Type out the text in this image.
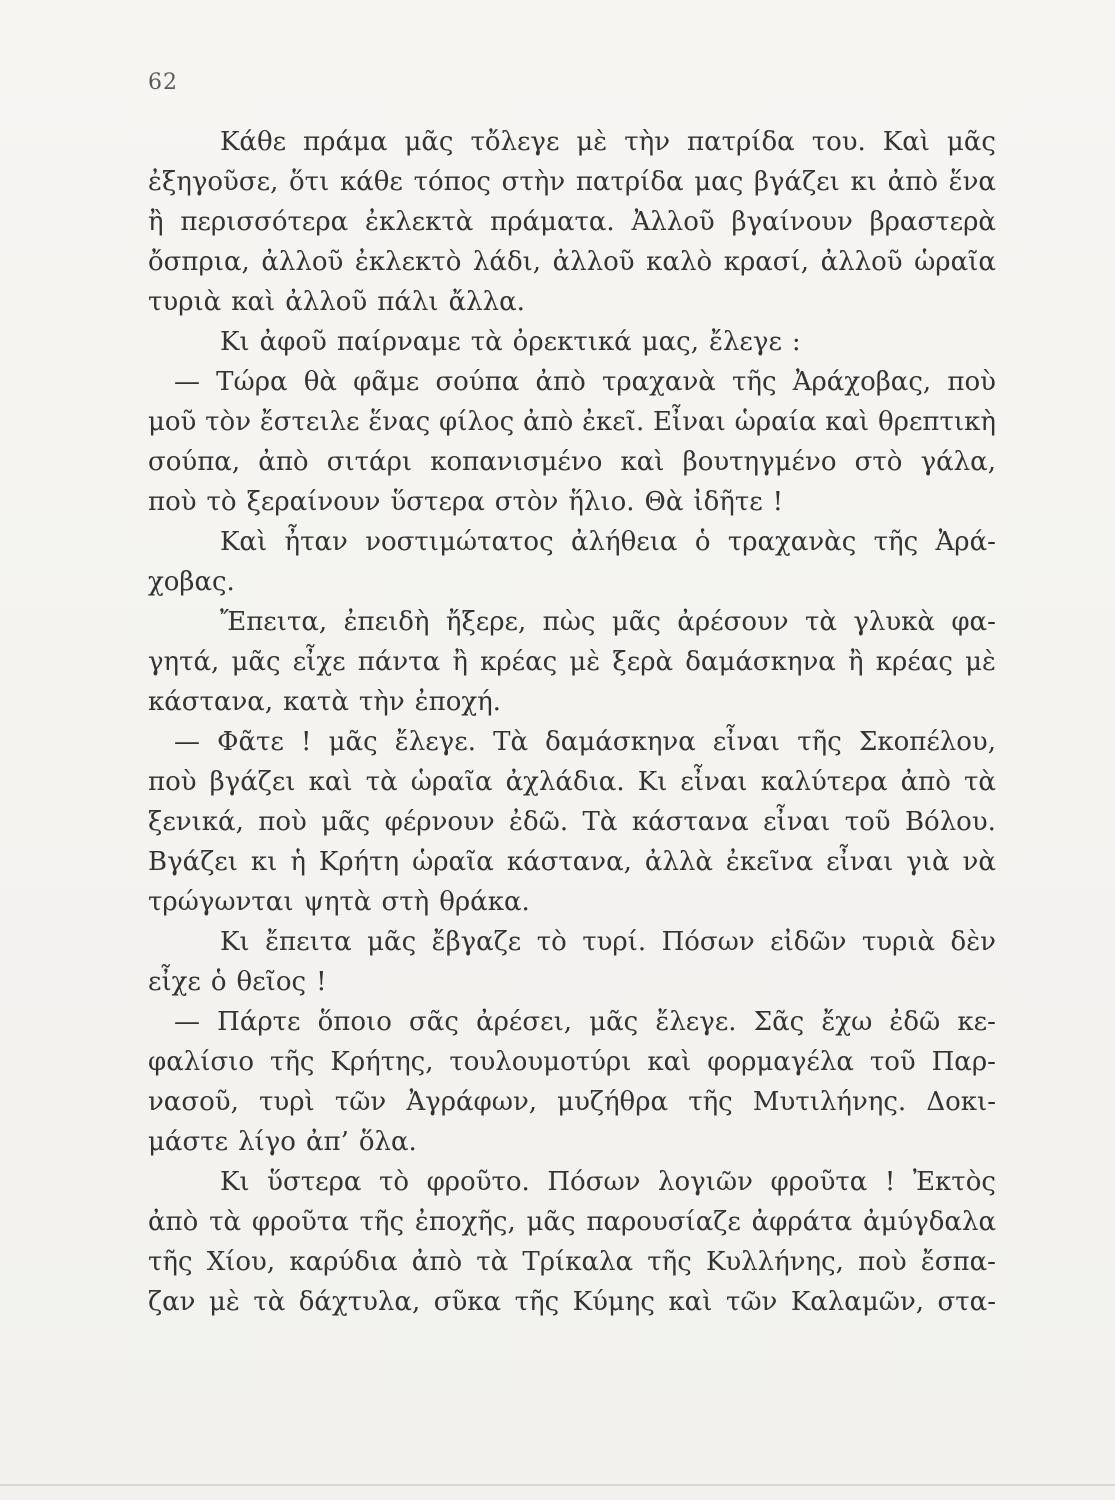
62
Κάθε πράμα μᾶς τὄλεγε μὲ τὴν πατρίδα του. Καὶ μᾶς
ἐξηγοῦσε, ὅτι κάθε τόπος στὴν πατρίδα μας βγάζει κι ἀπὸ ἕνα
ἢ περισσότερα ἐκλεκτὰ πράματα. Ἀλλοῦ βγαίνουν βραστερὰ
ὄσπρια, ἀλλοῦ ἐκλεκτὸ λάδι, ἀλλοῦ καλὸ κρασί, ἀλλοῦ ὡραῖα
τυριὰ καὶ ἀλλοῦ πάλι ἄλλα.
Κι ἀφοῦ παίρναμε τὰ ὀρεκτικά μας, ἔλεγε :
— Τώρα θὰ φᾶμε σούπα ἀπὸ τραχανὰ τῆς Ἀράχοβας, ποὺ
μοῦ τὸν ἔστειλε ἕνας φίλος ἀπὸ ἐκεῖ. Εἶναι ὡραία καὶ θρεπτικὴ
σούπα, ἀπὸ σιτάρι κοπανισμένο καὶ βουτηγμένο στὸ γάλα,
ποὺ τὸ ξεραίνουν ὕστερα στὸν ἥλιο. Θὰ ἰδῆτε !
Καὶ ἦταν νοστιμώτατος ἀλήθεια ὁ τραχανὰς τῆς Ἀρά-
χοβας.
Ἔπειτα, ἐπειδὴ ἤξερε, πὼς μᾶς ἀρέσουν τὰ γλυκὰ φα-
γητά, μᾶς εἶχε πάντα ἢ κρέας μὲ ξερὰ δαμάσκηνα ἢ κρέας μὲ
κάστανα, κατὰ τὴν ἐποχή.
— Φᾶτε ! μᾶς ἔλεγε. Τὰ δαμάσκηνα εἶναι τῆς Σκοπέλου,
ποὺ βγάζει καὶ τὰ ὡραῖα ἀχλάδια. Κι εἶναι καλύτερα ἀπὸ τὰ
ξενικά, ποὺ μᾶς φέρνουν ἐδῶ. Τὰ κάστανα εἶναι τοῦ Βόλου.
Βγάζει κι ἡ Κρήτη ὡραῖα κάστανα, ἀλλὰ ἐκεῖνα εἶναι γιὰ νὰ
τρώγωνται ψητὰ στὴ θράκα.
Κι ἔπειτα μᾶς ἔβγαζε τὸ τυρί. Πόσων εἰδῶν τυριὰ δὲν
εἶχε ὁ θεῖος !
— Πάρτε ὅποιο σᾶς ἀρέσει, μᾶς ἔλεγε. Σᾶς ἔχω ἐδῶ κε-
φαλίσιο τῆς Κρήτης, τουλουμοτύρι καὶ φορμαγέλα τοῦ Παρ-
νασοῦ, τυρὶ τῶν Ἀγράφων, μυζήθρα τῆς Μυτιλήνης. Δοκι-
μάστε λίγο ἀπ’ ὅλα.
Κι ὕστερα τὸ φροῦτο. Πόσων λογιῶν φροῦτα ! Ἐκτὸς
ἀπὸ τὰ φροῦτα τῆς ἐποχῆς, μᾶς παρουσίαζε ἀφράτα ἀμύγδαλα
τῆς Χίου, καρύδια ἀπὸ τὰ Τρίκαλα τῆς Κυλλήνης, ποὺ ἔσπα-
ζαν μὲ τὰ δάχτυλα, σῦκα τῆς Κύμης καὶ τῶν Καλαμῶν, στα-
